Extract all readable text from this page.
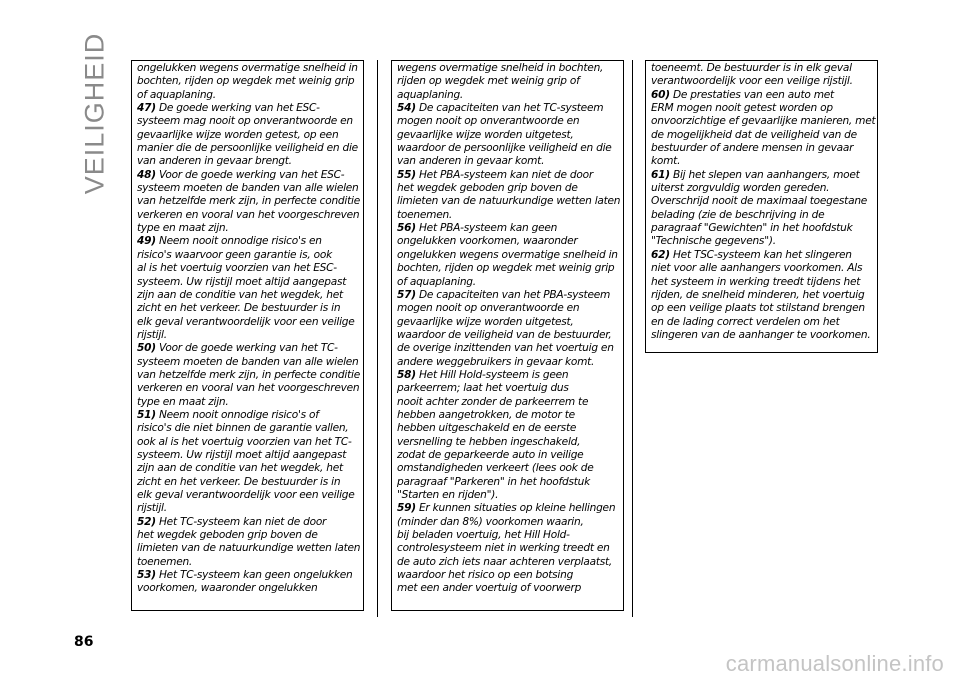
VEILIGHEID	ongelukken wegens overmatige snelheid in
bochten, rijden op wegdek met weinig grip
of aquaplaning.
47) De goede werking van het ESC-
systeem mag nooit op onverantwoorde en
gevaarlijke wijze worden getest, op een
manier die de persoonlijke veiligheid en die
van anderen in gevaar brengt.
48) Voor de goede werking van het ESC-
systeem moeten de banden van alle wielen
van hetzelfde merk zijn, in perfecte conditie
verkeren en vooral van het voorgeschreven
type en maat zijn.
49) Neem nooit onnodige risico's en
risico's waarvoor geen garantie is, ook
al is het voertuig voorzien van het ESC-
systeem. Uw rijstijl moet altijd aangepast
zijn aan de conditie van het wegdek, het
zicht en het verkeer. De bestuurder is in
elk geval verantwoordelijk voor een veilige
rijstijl.
50) Voor de goede werking van het TC-
systeem moeten de banden van alle wielen
van hetzelfde merk zijn, in perfecte conditie
verkeren en vooral van het voorgeschreven
type en maat zijn.
51) Neem nooit onnodige risico's of
risico's die niet binnen de garantie vallen,
ook al is het voertuig voorzien van het TC-
systeem. Uw rijstijl moet altijd aangepast
zijn aan de conditie van het wegdek, het
zicht en het verkeer. De bestuurder is in
elk geval verantwoordelijk voor een veilige
rijstijl.
52) Het TC-systeem kan niet de door
het wegdek geboden grip boven de
limieten van de natuurkundige wetten laten
toenemen.
53) Het TC-systeem kan geen ongelukken
voorkomen, waaronder ongelukken
wegens overmatige snelheid in bochten,
rijden op wegdek met weinig grip of
aquaplaning.
54) De capaciteiten van het TC-systeem
mogen nooit op onverantwoorde en
gevaarlijke wijze worden uitgetest,
waardoor de persoonlijke veiligheid en die
van anderen in gevaar komt.
55) Het PBA-systeem kan niet de door
het wegdek geboden grip boven de
limieten van de natuurkundige wetten laten
toenemen.
56) Het PBA-systeem kan geen
ongelukken voorkomen, waaronder
ongelukken wegens overmatige snelheid in
bochten, rijden op wegdek met weinig grip
of aquaplaning.
57) De capaciteiten van het PBA-systeem
mogen nooit op onverantwoorde en
gevaarlijke wijze worden uitgetest,
waardoor de veiligheid van de bestuurder,
de overige inzittenden van het voertuig en
andere weggebruikers in gevaar komt.
58) Het Hill Hold-systeem is geen
parkeerrem; laat het voertuig dus
nooit achter zonder de parkeerrem te
hebben aangetrokken, de motor te
hebben uitgeschakeld en de eerste
versnelling te hebben ingeschakeld,
zodat de geparkeerde auto in veilige
omstandigheden verkeert (lees ook de
paragraaf "Parkeren" in het hoofdstuk
"Starten en rijden").
59) Er kunnen situaties op kleine hellingen
(minder dan 8%) voorkomen waarin,
bij beladen voertuig, het Hill Hold-
controlesysteem niet in werking treedt en
de auto zich iets naar achteren verplaatst,
waardoor het risico op een botsing
met een ander voertuig of voorwerp
toeneemt. De bestuurder is in elk geval
verantwoordelijk voor een veilige rijstijl.
60) De prestaties van een auto met
ERM mogen nooit getest worden op
onvoorzichtige ef gevaarlijke manieren, met
de mogelijkheid dat de veiligheid van de
bestuurder of andere mensen in gevaar
komt.
61) Bij het slepen van aanhangers, moet
uiterst zorgvuldig worden gereden.
Overschrijd nooit de maximaal toegestane
belading (zie de beschrijving in de
paragraaf "Gewichten" in het hoofdstuk
"Technische gegevens").
62) Het TSC-systeem kan het slingeren
niet voor alle aanhangers voorkomen. Als
het systeem in werking treedt tijdens het
rijden, de snelheid minderen, het voertuig
op een veilige plaats tot stilstand brengen
en de lading correct verdelen om het
slingeren van de aanhanger te voorkomen.
86
carmanualsonline.info
